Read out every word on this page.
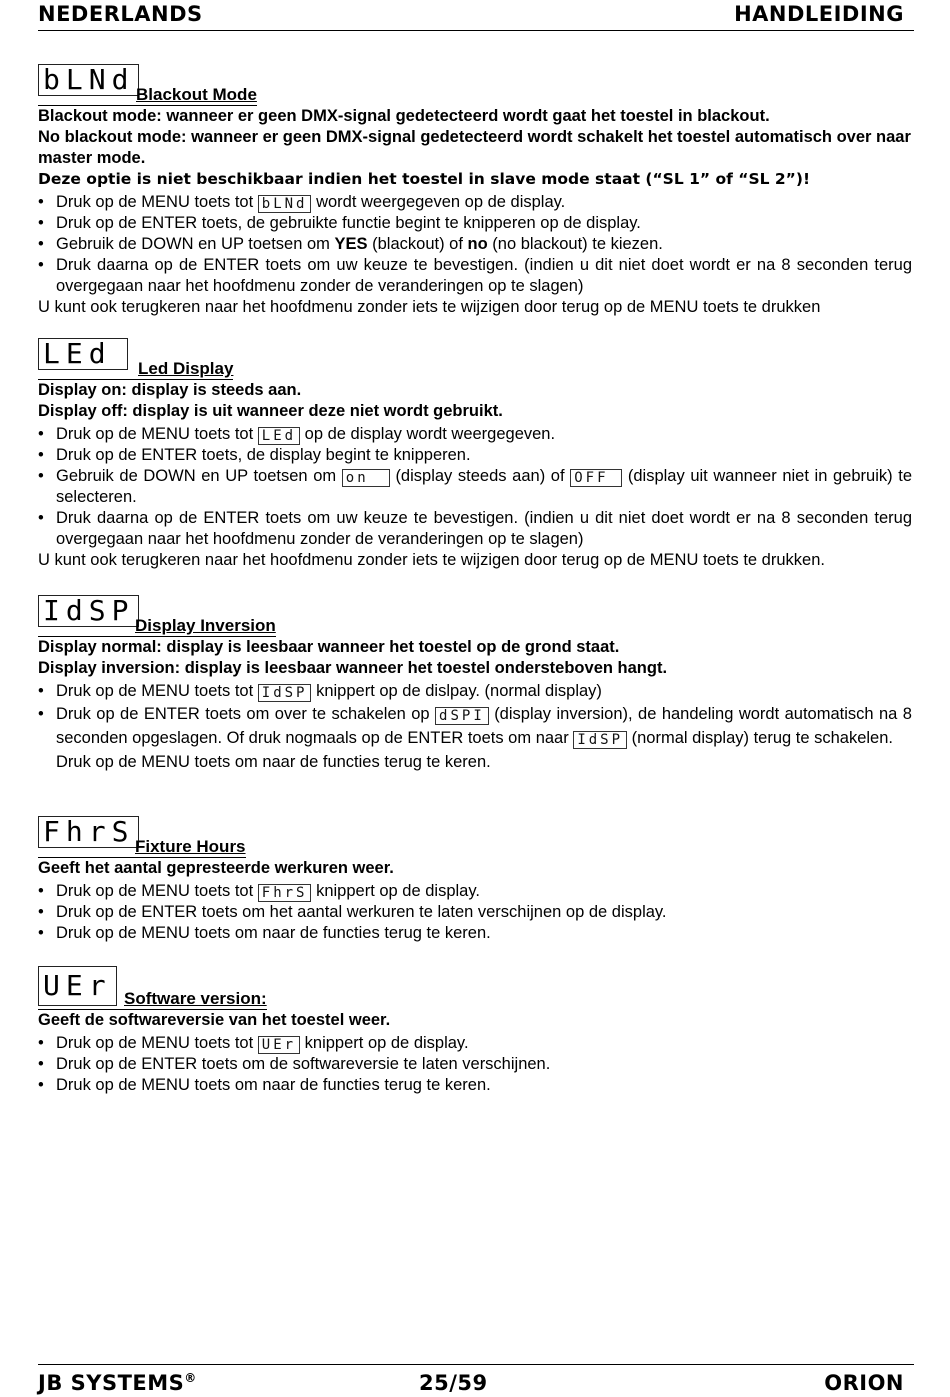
NEDERLANDS	HANDLEIDING
bLNd Blackout Mode
Blackout mode: wanneer er geen DMX-signal gedetecteerd wordt gaat het toestel in blackout.
No blackout mode: wanneer er geen DMX-signal gedetecteerd wordt schakelt het toestel automatisch over naar master mode.
Deze optie is niet beschikbaar indien het toestel in slave mode staat (“SL 1” of “SL 2”)!
• Druk op de MENU toets tot bLNd wordt weergegeven op de display.
• Druk op de ENTER toets, de gebruikte functie begint te knipperen op de display.
• Gebruik de DOWN en UP toetsen om YES (blackout) of no (no blackout) te kiezen.
• Druk daarna op de ENTER toets om uw keuze te bevestigen. (indien u dit niet doet wordt er na 8 seconden terug overgegaan naar het hoofdmenu zonder de veranderingen op te slagen)
U kunt ook terugkeren naar het hoofdmenu zonder iets te wijzigen door terug op de MENU toets te drukken
LEd	Led Display
Display on: display is steeds aan.
Display off: display is uit wanneer deze niet wordt gebruikt.
• Druk op de MENU toets tot LEd op de display wordt weergegeven.
• Druk op de ENTER toets, de display begint te knipperen.
• Gebruik de DOWN en UP toetsen om on (display steeds aan) of OFF (display uit wanneer niet in gebruik) te selecteren.
• Druk daarna op de ENTER toets om uw keuze te bevestigen. (indien u dit niet doet wordt er na 8 seconden terug overgegaan naar het hoofdmenu zonder de veranderingen op te slagen)
U kunt ook terugkeren naar het hoofdmenu zonder iets te wijzigen door terug op de MENU toets te drukken.
IdSP Display Inversion
Display normal: display is leesbaar wanneer het toestel op de grond staat.
Display inversion: display is leesbaar wanneer het toestel ondersteboven hangt.
• Druk op de MENU toets tot IdSP knippert op de dislpay. (normal display)
• Druk op de ENTER toets om over te schakelen op dSPI (display inversion), de handeling wordt automatisch na 8 seconden opgeslagen. Of druk nogmaals op de ENTER toets om naar IdSP (normal display) terug te schakelen.
Druk op de MENU toets om naar de functies terug te keren.
FhrS Fixture Hours
Geeft het aantal gepresteerde werkuren weer.
• Druk op de MENU toets tot FhrS knippert op de display.
• Druk op de ENTER toets om het aantal werkuren te laten verschijnen op de display.
• Druk op de MENU toets om naar de functies terug te keren.
UEr Software version:
Geeft de softwareversie van het toestel weer.
• Druk op de MENU toets tot UEr knippert op de display.
• Druk op de ENTER toets om de softwareversie te laten verschijnen.
• Druk op de MENU toets om naar de functies terug te keren.
JB SYSTEMS®	25/59	ORION
